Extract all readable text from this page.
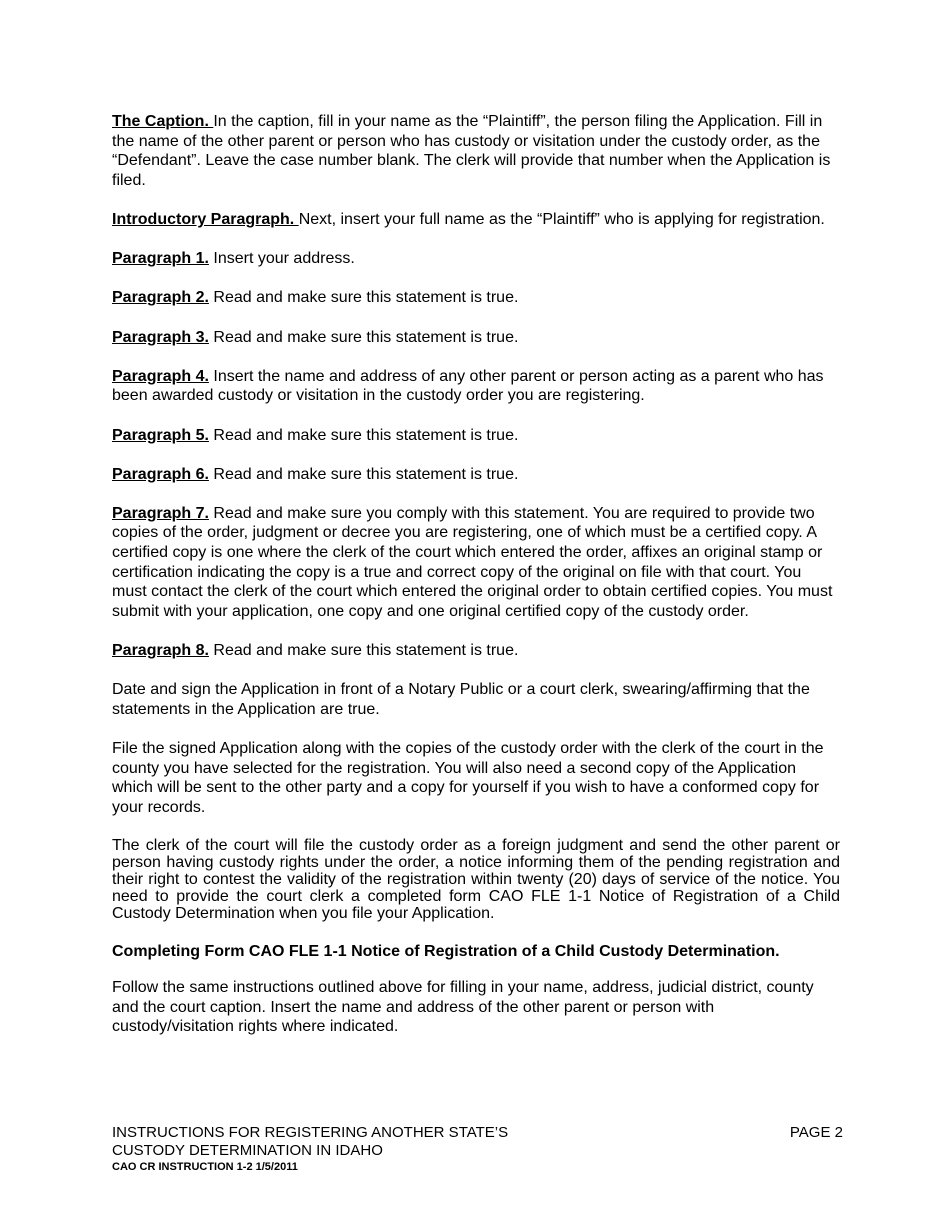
The Caption. In the caption, fill in your name as the “Plaintiff”, the person filing the Application. Fill in the name of the other parent or person who has custody or visitation under the custody order, as the “Defendant”. Leave the case number blank. The clerk will provide that number when the Application is filed.

Introductory Paragraph. Next, insert your full name as the “Plaintiff” who is applying for registration.

Paragraph 1. Insert your address.

Paragraph 2. Read and make sure this statement is true.

Paragraph 3. Read and make sure this statement is true.

Paragraph 4. Insert the name and address of any other parent or person acting as a parent who has been awarded custody or visitation in the custody order you are registering.

Paragraph 5. Read and make sure this statement is true.

Paragraph 6. Read and make sure this statement is true.

Paragraph 7. Read and make sure you comply with this statement. You are required to provide two copies of the order, judgment or decree you are registering, one of which must be a certified copy. A certified copy is one where the clerk of the court which entered the order, affixes an original stamp or certification indicating the copy is a true and correct copy of the original on file with that court. You must contact the clerk of the court which entered the original order to obtain certified copies. You must submit with your application, one copy and one original certified copy of the custody order.

Paragraph 8. Read and make sure this statement is true.

Date and sign the Application in front of a Notary Public or a court clerk, swearing/affirming that the statements in the Application are true.

File the signed Application along with the copies of the custody order with the clerk of the court in the county you have selected for the registration. You will also need a second copy of the Application which will be sent to the other party and a copy for yourself if you wish to have a conformed copy for your records.

The clerk of the court will file the custody order as a foreign judgment and send the other parent or person having custody rights under the order, a notice informing them of the pending registration and their right to contest the validity of the registration within twenty (20) days of service of the notice. You need to provide the court clerk a completed form CAO FLE 1-1 Notice of Registration of a Child Custody Determination when you file your Application.

Completing Form CAO FLE 1-1 Notice of Registration of a Child Custody Determination.

Follow the same instructions outlined above for filling in your name, address, judicial district, county and the court caption. Insert the name and address of the other parent or person with custody/visitation rights where indicated.

INSTRUCTIONS FOR REGISTERING ANOTHER STATE’S
CUSTODY DETERMINATION IN IDAHO
CAO CR INSTRUCTION 1-2 1/5/2011
PAGE 2
